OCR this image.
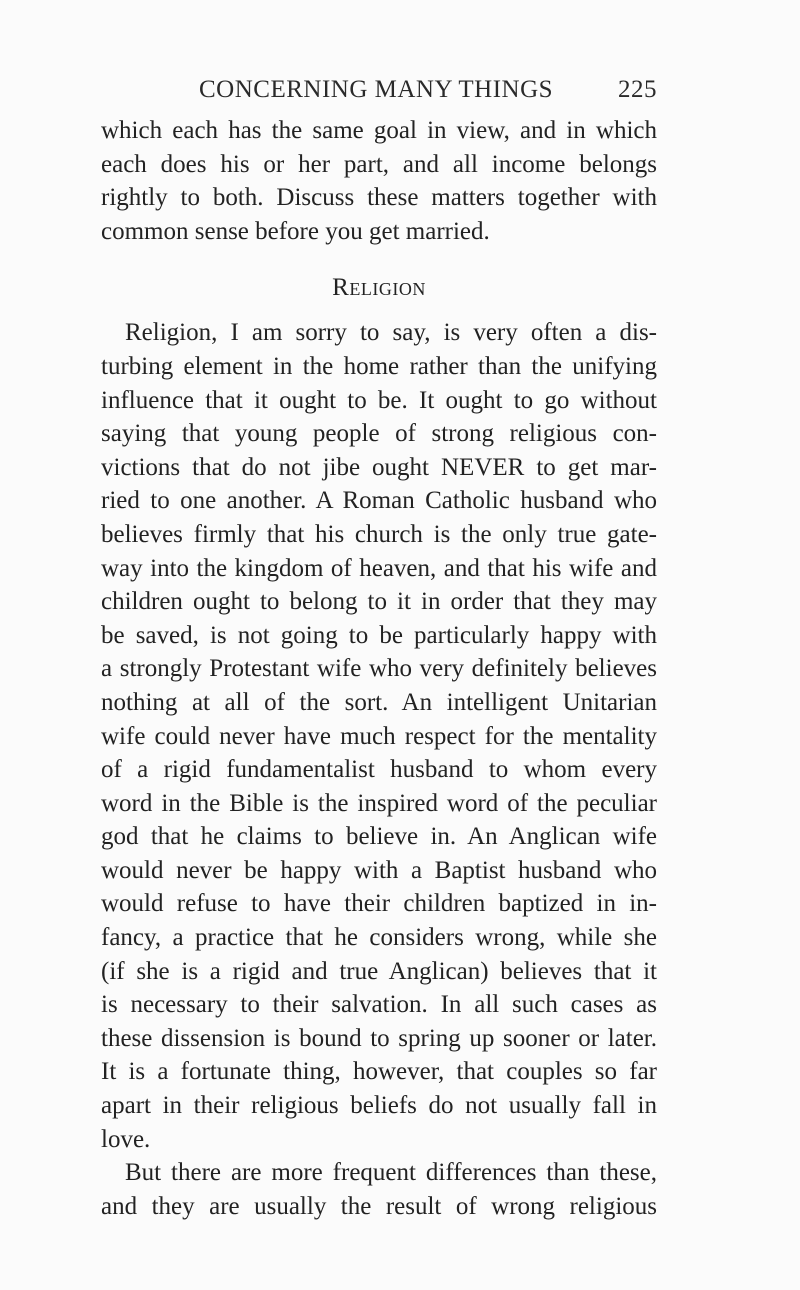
CONCERNING MANY THINGS	225

which each has the same goal in view, and in which
each does his or her part, and all income belongs
rightly to both. Discuss these matters together with
common sense before you get married.

Religion

Religion, I am sorry to say, is very often a dis-
turbing element in the home rather than the unifying
influence that it ought to be. It ought to go without
saying that young people of strong religious con-
victions that do not jibe ought NEVER to get mar-
ried to one another. A Roman Catholic husband who
believes firmly that his church is the only true gate-
way into the kingdom of heaven, and that his wife and
children ought to belong to it in order that they may
be saved, is not going to be particularly happy with
a strongly Protestant wife who very definitely believes
nothing at all of the sort. An intelligent Unitarian
wife could never have much respect for the mentality
of a rigid fundamentalist husband to whom every
word in the Bible is the inspired word of the peculiar
god that he claims to believe in. An Anglican wife
would never be happy with a Baptist husband who
would refuse to have their children baptized in in-
fancy, a practice that he considers wrong, while she
(if she is a rigid and true Anglican) believes that it
is necessary to their salvation. In all such cases as
these dissension is bound to spring up sooner or later.
It is a fortunate thing, however, that couples so far
apart in their religious beliefs do not usually fall in
love.

But there are more frequent differences than these,
and they are usually the result of wrong religious
